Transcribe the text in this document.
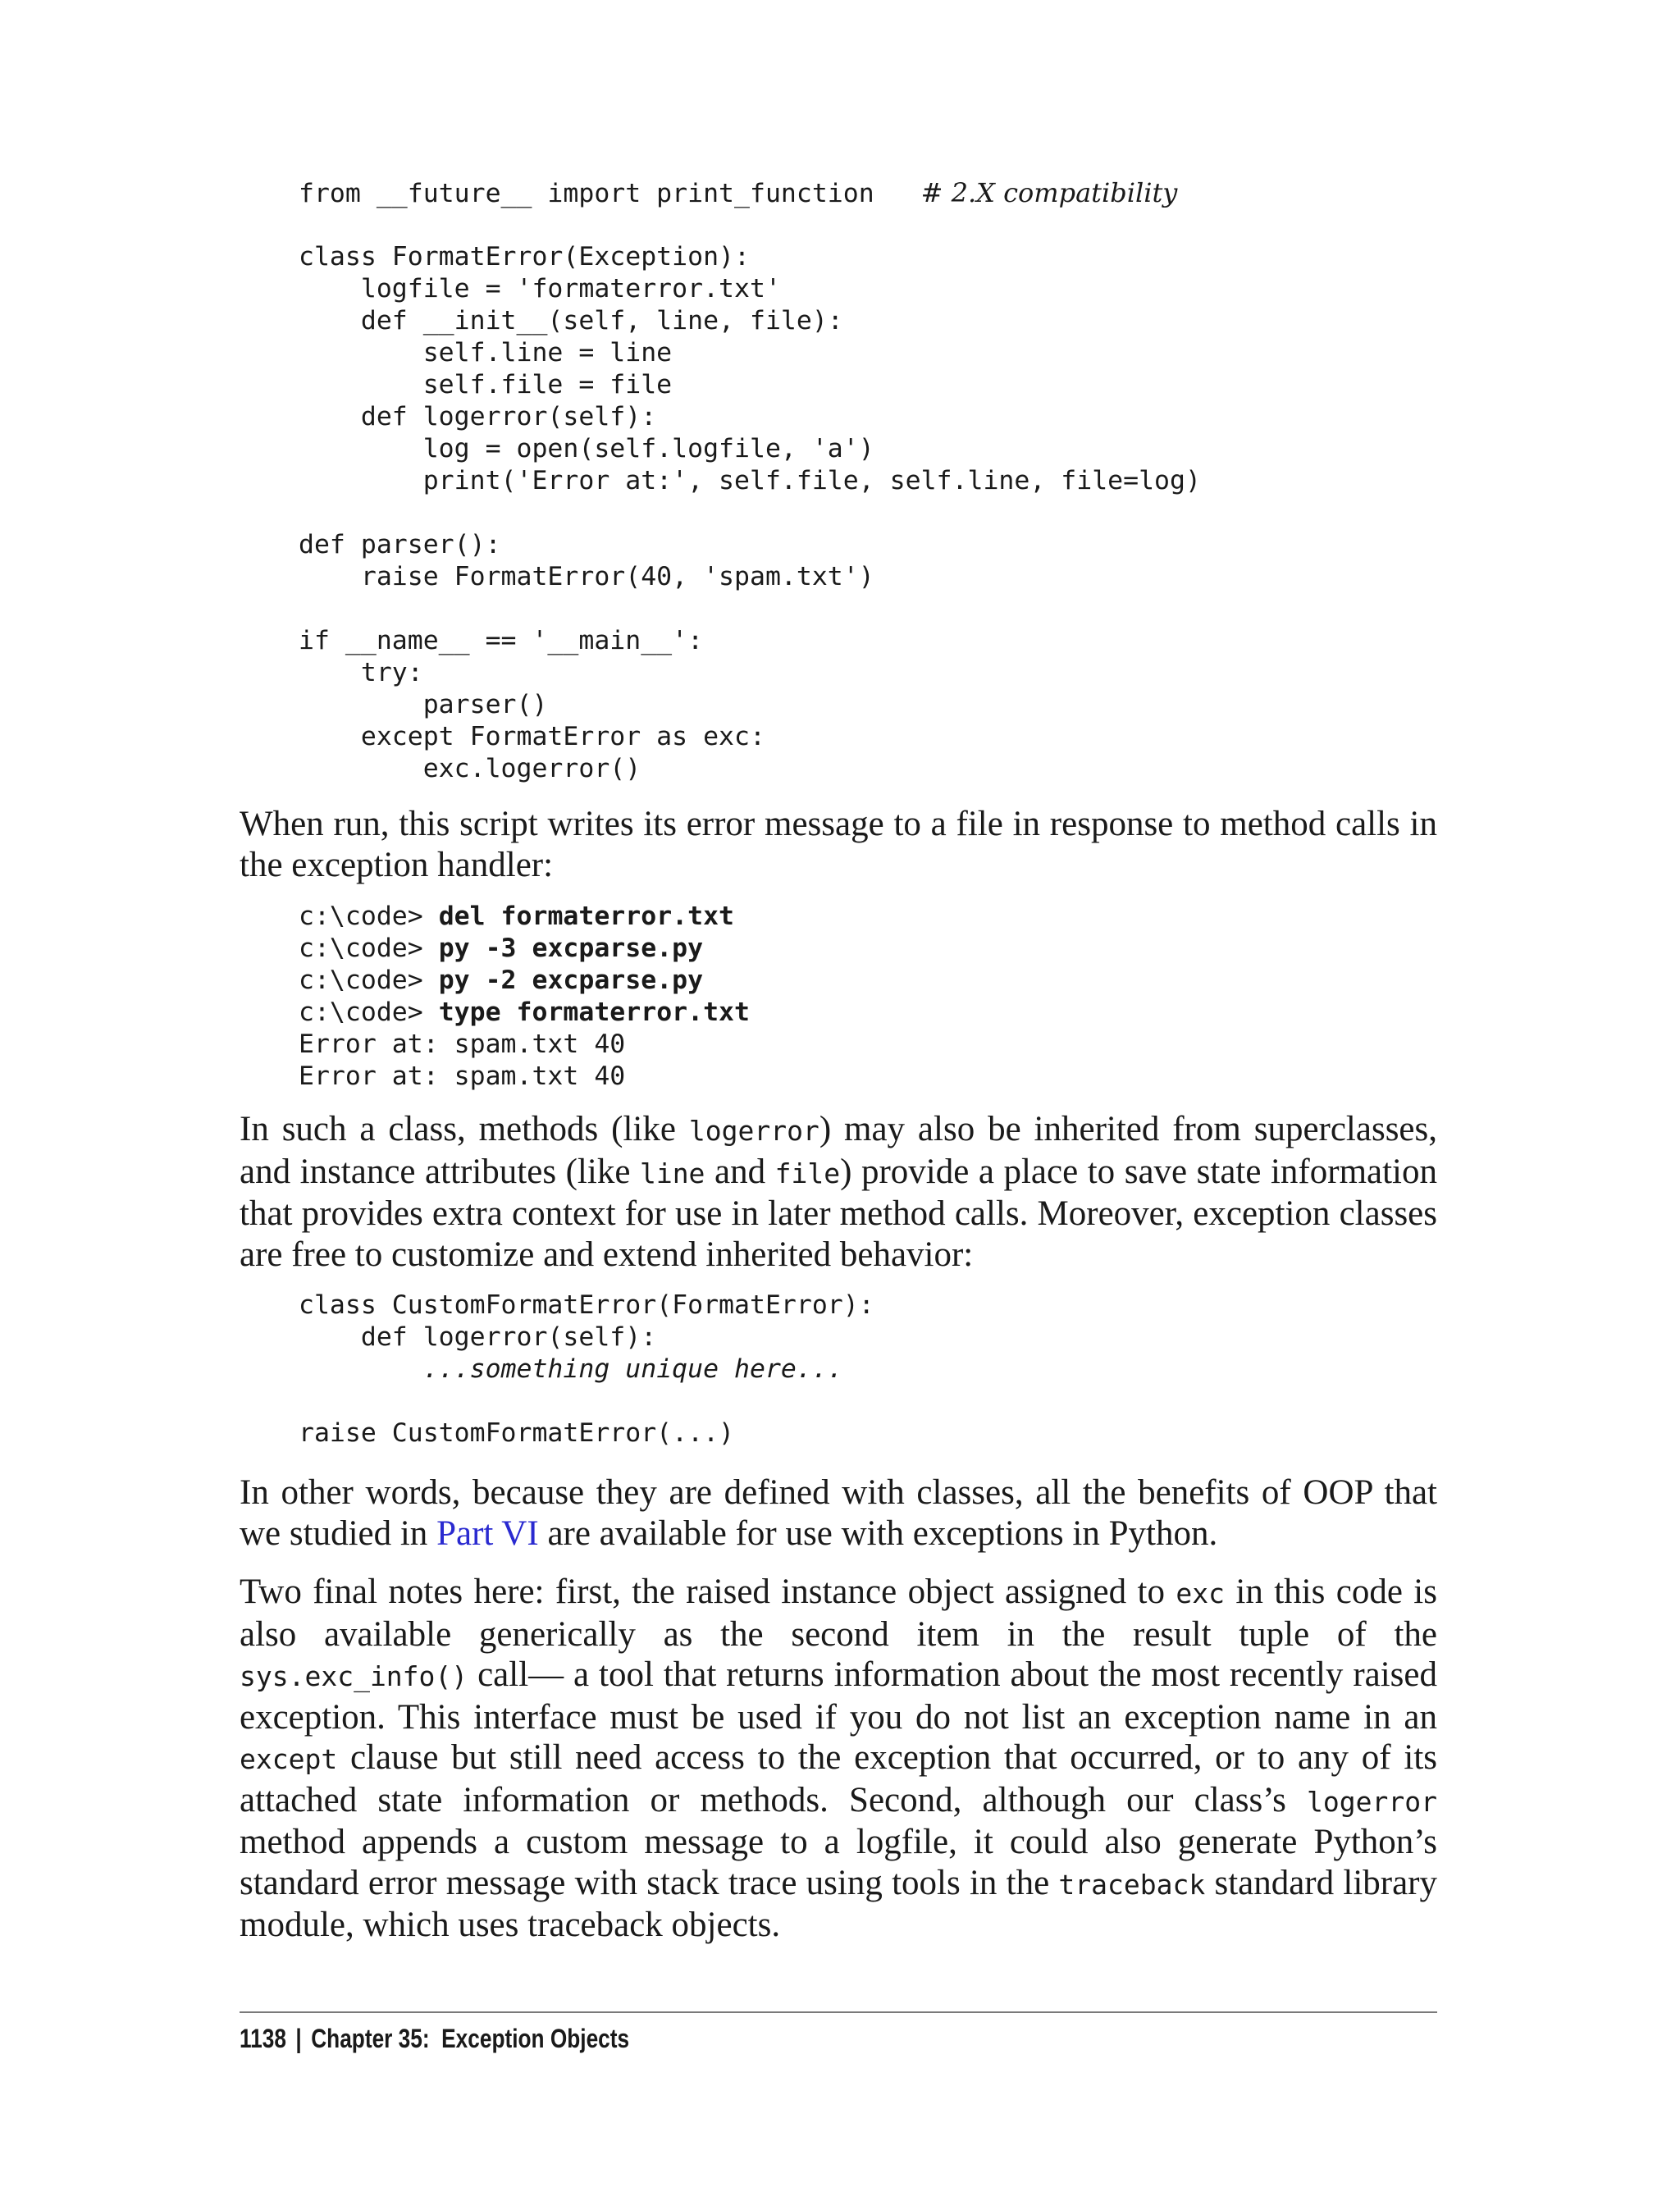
from __future__ import print_function   # 2.X compatibility
class FormatError(Exception):
logfile = 'formaterror.txt'
def __init__(self, line, file):
self.line = line
self.file = file
def logerror(self):
log = open(self.logfile, 'a')
print('Error at:', self.file, self.line, file=log)
def parser():
raise FormatError(40, 'spam.txt')
if __name__ == '__main__':
try:
parser()
except FormatError as exc:
exc.logerror()

When run, this script writes its error message to a file in response to method calls in the exception handler:

c:\code> del formaterror.txt
c:\code> py -3 excparse.py
c:\code> py -2 excparse.py
c:\code> type formaterror.txt
Error at: spam.txt 40
Error at: spam.txt 40

In such a class, methods (like logerror) may also be inherited from superclasses, and instance attributes (like line and file) provide a place to save state information that provides extra context for use in later method calls. Moreover, exception classes are free to customize and extend inherited behavior:

class CustomFormatError(FormatError):
def logerror(self):
...something unique here...
raise CustomFormatError(...)

In other words, because they are defined with classes, all the benefits of OOP that we studied in Part VI are available for use with exceptions in Python.

Two final notes here: first, the raised instance object assigned to exc in this code is also available generically as the second item in the result tuple of the sys.exc_info() call— a tool that returns information about the most recently raised exception. This interface must be used if you do not list an exception name in an except clause but still need access to the exception that occurred, or to any of its attached state information or methods. Second, although our class’s logerror method appends a custom message to a logfile, it could also generate Python’s standard error message with stack trace using tools in the traceback standard library module, which uses traceback objects.

1138 | Chapter 35:  Exception Objects
